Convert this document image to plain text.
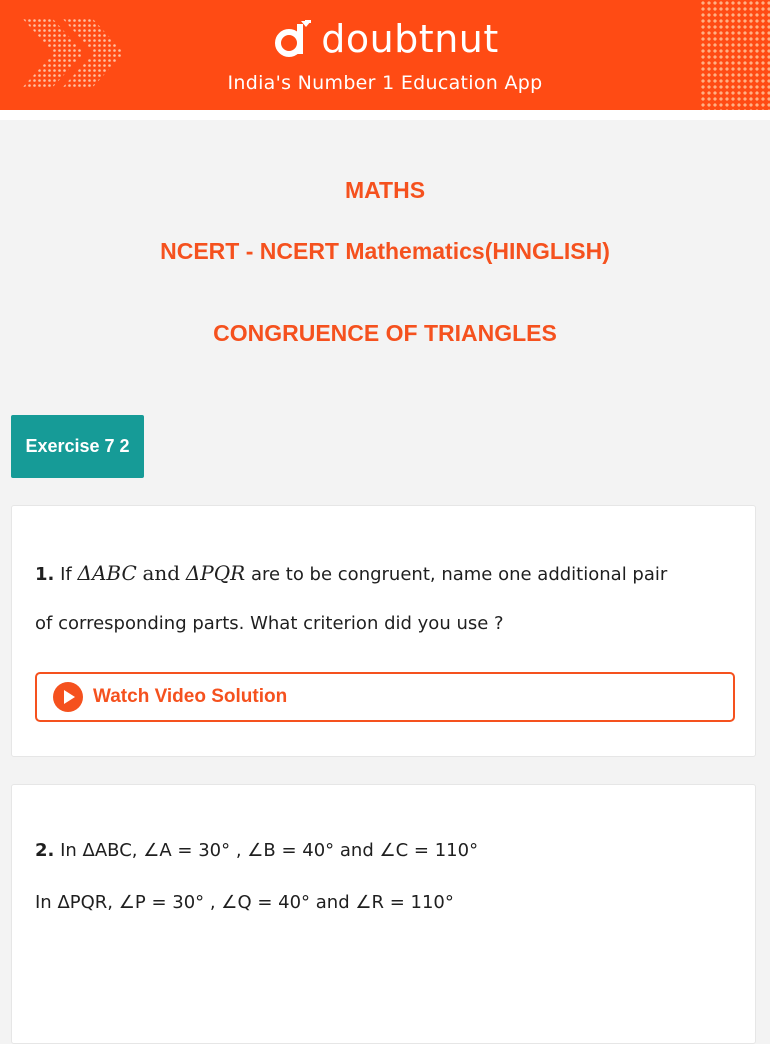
doubtnut
India's Number 1 Education App
MATHS
NCERT - NCERT Mathematics(HINGLISH)
CONGRUENCE OF TRIANGLES
Exercise 7 2
1. If ΔABC and ΔPQR are to be congruent, name one additional pair
of corresponding parts. What criterion did you use ?
Watch Video Solution
2. In ΔABC, ∠A = 30° , ∠B = 40° and ∠C = 110°
In ΔPQR, ∠P = 30° , ∠Q = 40° and ∠R = 110°
